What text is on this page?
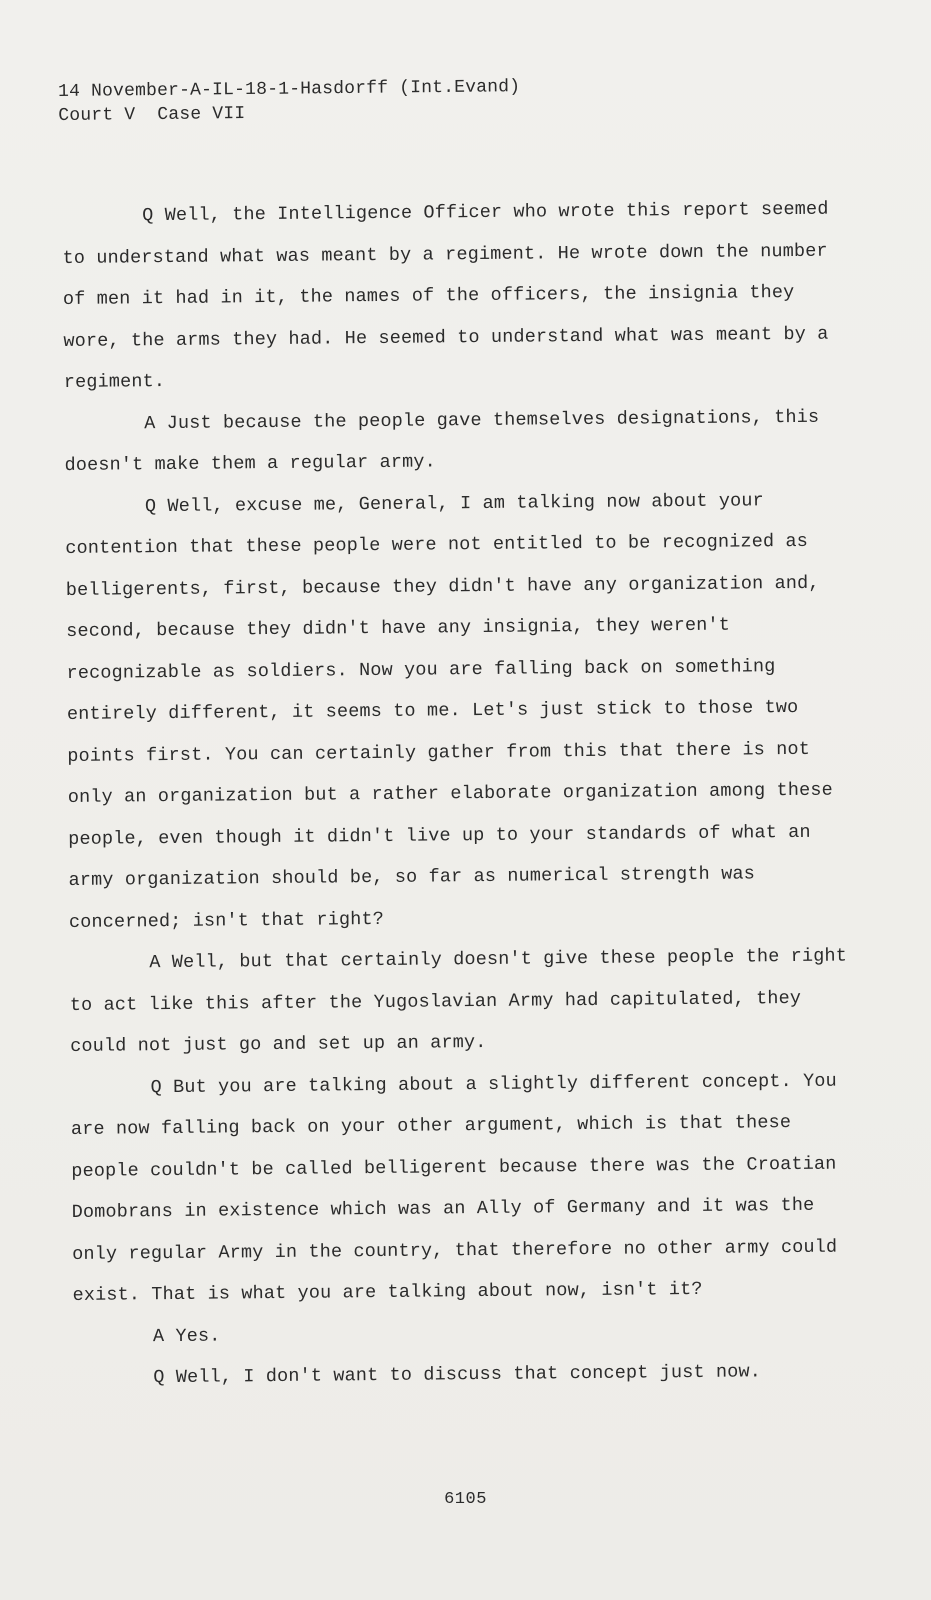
14 November-A-IL-18-1-Hasdorff (Int.Evand)
Court V  Case VII

Q Well, the Intelligence Officer who wrote this report seemed to understand what was meant by a regiment. He wrote down the number of men it had in it, the names of the officers, the insignia they wore, the arms they had. He seemed to understand what was meant by a regiment.

A Just because the people gave themselves designations, this doesn't make them a regular army.

Q Well, excuse me, General, I am talking now about your contention that these people were not entitled to be recognized as belligerents, first, because they didn't have any organization and, second, because they didn't have any insignia, they weren't recognizable as soldiers. Now you are falling back on something entirely different, it seems to me. Let's just stick to those two points first. You can certainly gather from this that there is not only an organization but a rather elaborate organization among these people, even though it didn't live up to your standards of what an army organization should be, so far as numerical strength was concerned; isn't that right?

A Well, but that certainly doesn't give these people the right to act like this after the Yugoslavian Army had capitulated, they could not just go and set up an army.

Q But you are talking about a slightly different concept. You are now falling back on your other argument, which is that these people couldn't be called belligerent because there was the Croatian Domobrans in existence which was an Ally of Germany and it was the only regular Army in the country, that therefore no other army could exist. That is what you are talking about now, isn't it?

A Yes.

Q Well, I don't want to discuss that concept just now.

6105
